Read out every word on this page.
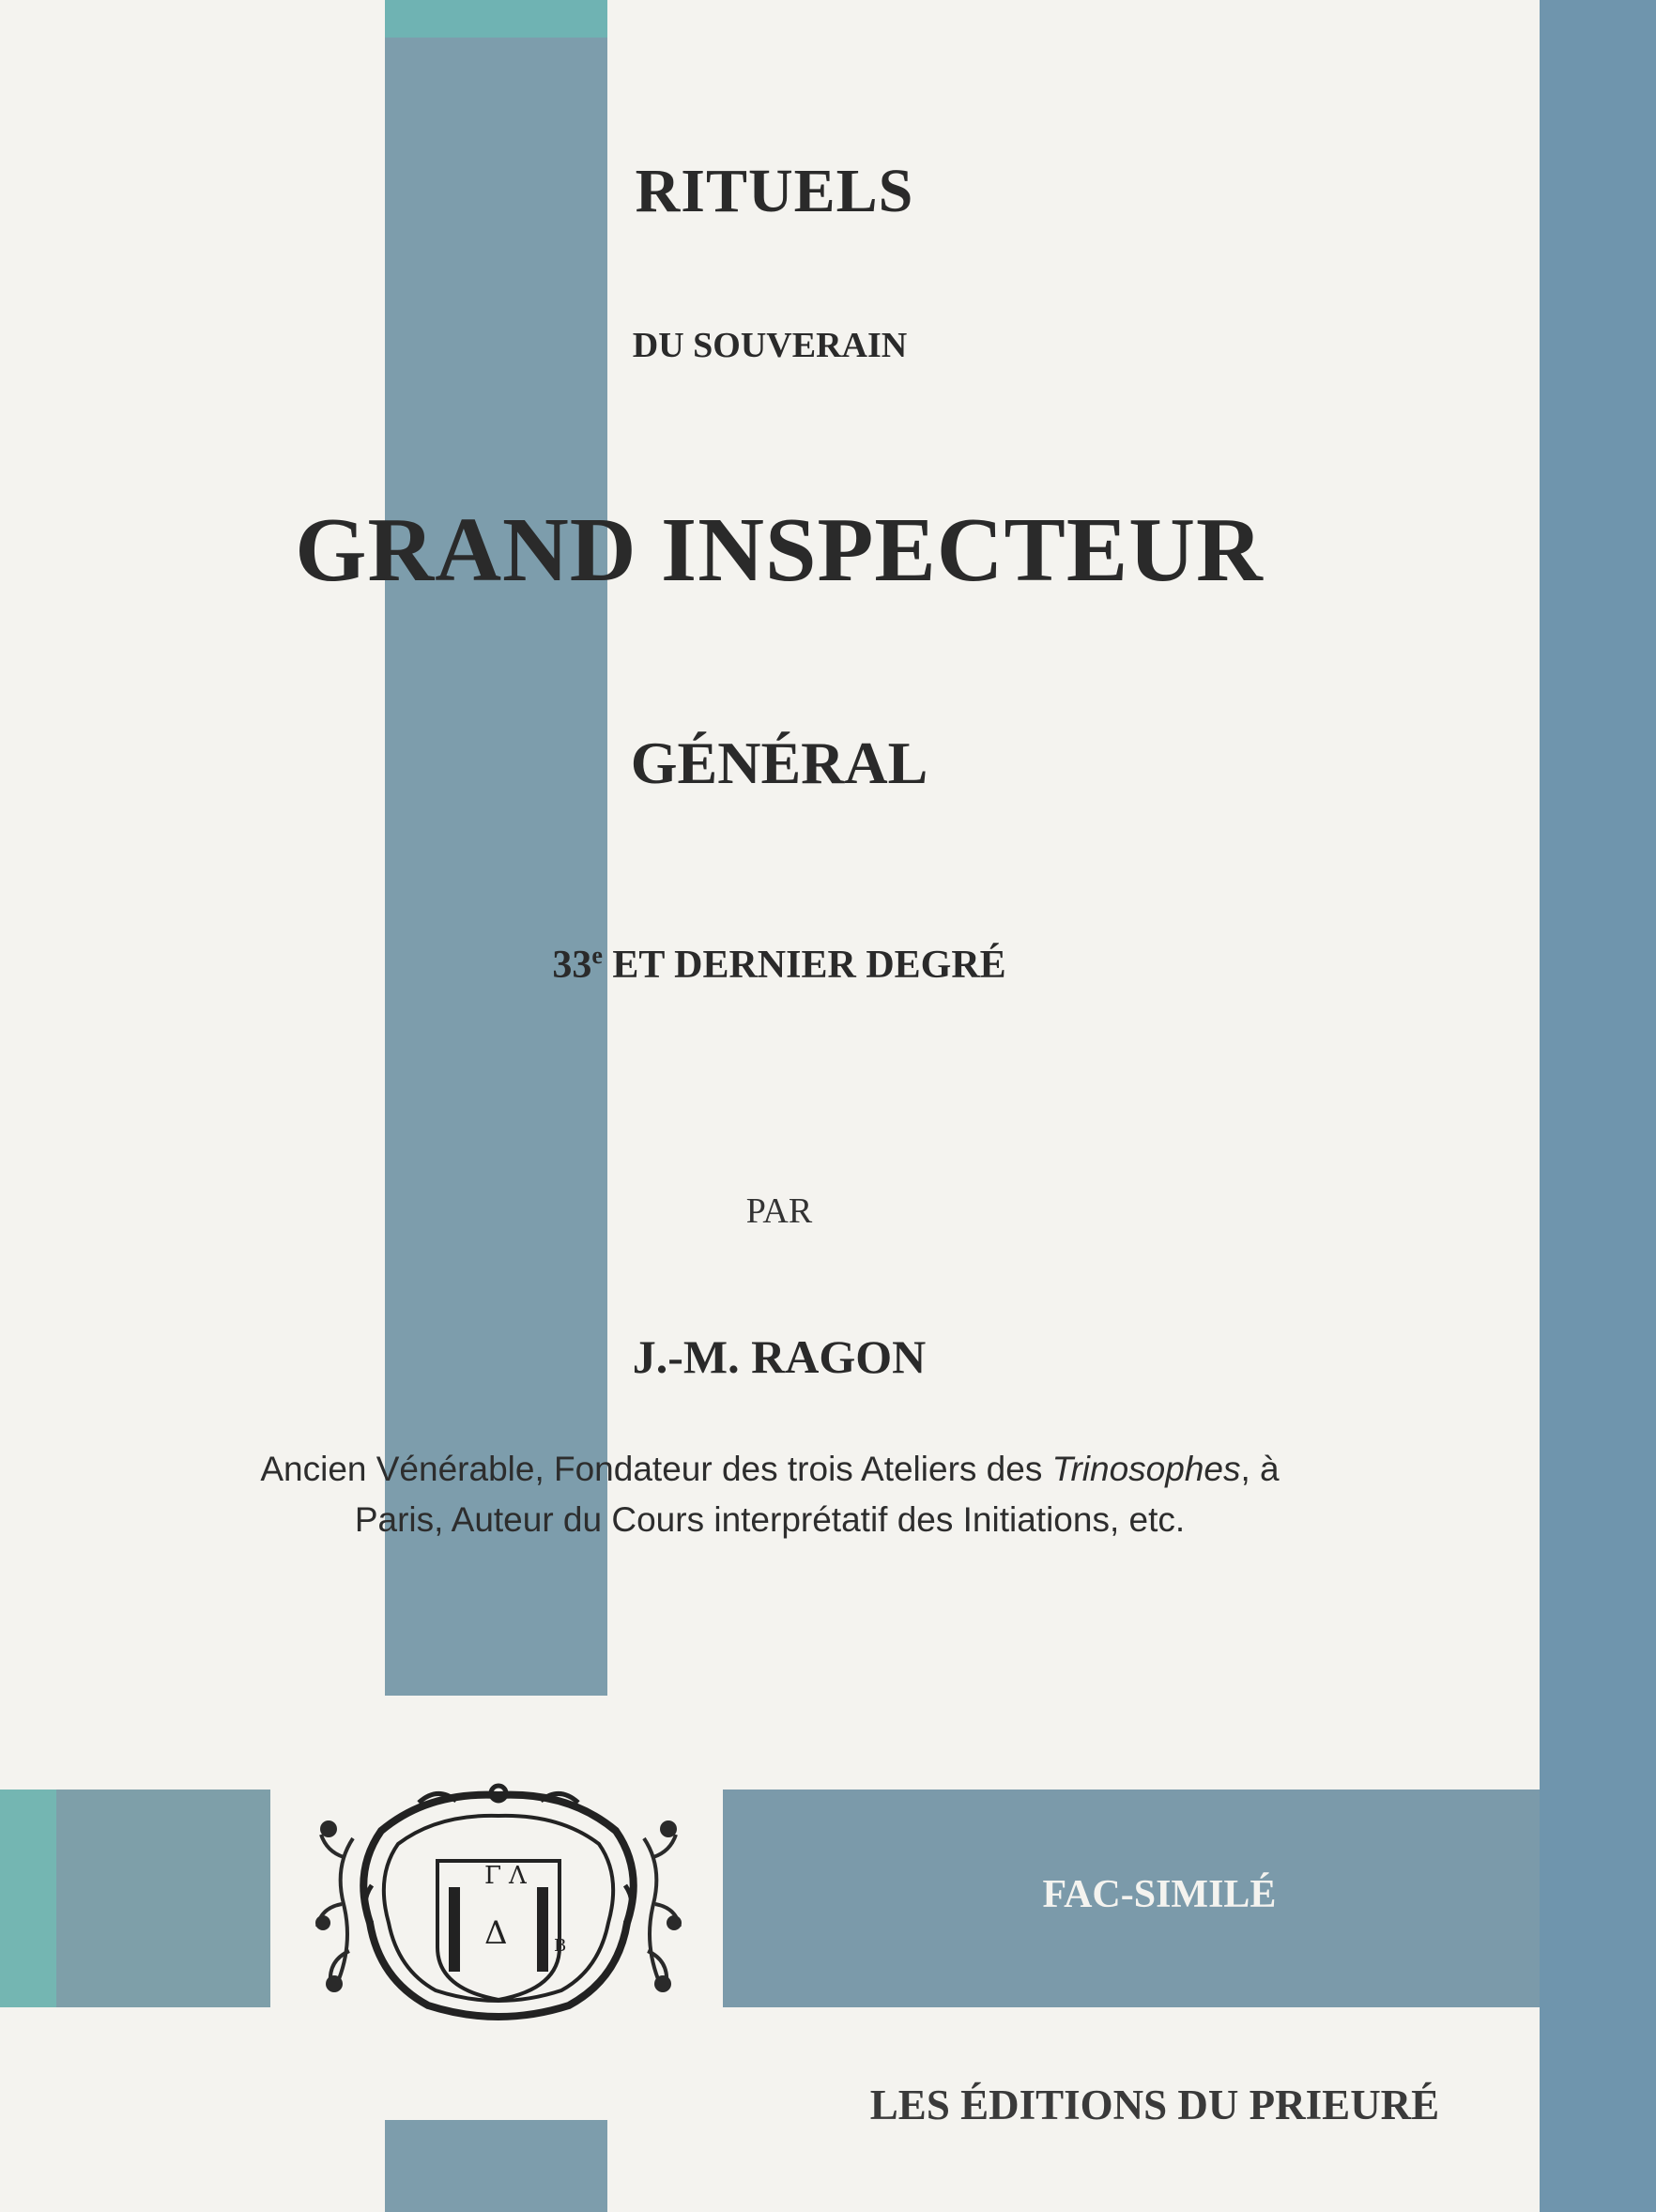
RITUELS
DU SOUVERAIN
GRAND INSPECTEUR
GÉNÉRAL
33e ET DERNIER DEGRÉ
PAR
J.-M. RAGON
Ancien Vénérable, Fondateur des trois Ateliers des Trinosophes, à
Paris, Auteur du Cours interprétatif des Initiations, etc.
Γ Λ
Δ	B
FAC-SIMILÉ
LES ÉDITIONS DU PRIEURÉ
